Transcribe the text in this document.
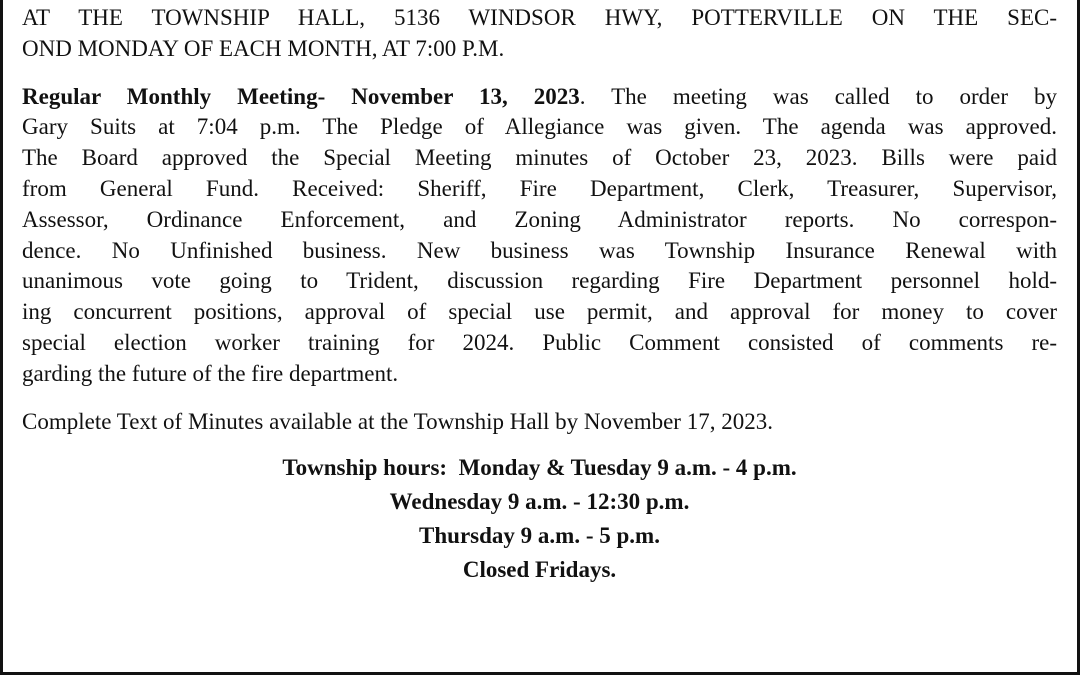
AT THE TOWNSHIP HALL, 5136 WINDSOR HWY, POTTERVILLE ON THE SEC-

OND MONDAY OF EACH MONTH, AT 7:00 P.M.

Regular Monthly Meeting- November 13, 2023. The meeting was called to order by
Gary Suits at 7:04 p.m. The Pledge of Allegiance was given. The agenda was approved.
The Board approved the Special Meeting minutes of October 23, 2023. Bills were paid
from General Fund. Received: Sheriff, Fire Department, Clerk, Treasurer, Supervisor,
Assessor, Ordinance Enforcement, and Zoning Administrator reports. No correspon-
dence. No Unfinished business. New business was Township Insurance Renewal with
unanimous vote going to Trident, discussion regarding Fire Department personnel hold-
ing concurrent positions, approval of special use permit, and approval for money to cover
special election worker training for 2024. Public Comment consisted of comments re-
garding the future of the fire department.

Complete Text of Minutes available at the Township Hall by November 17, 2023.

Township hours:  Monday & Tuesday 9 a.m. - 4 p.m.
Wednesday 9 a.m. - 12:30 p.m.
Thursday 9 a.m. - 5 p.m.
Closed Fridays.
